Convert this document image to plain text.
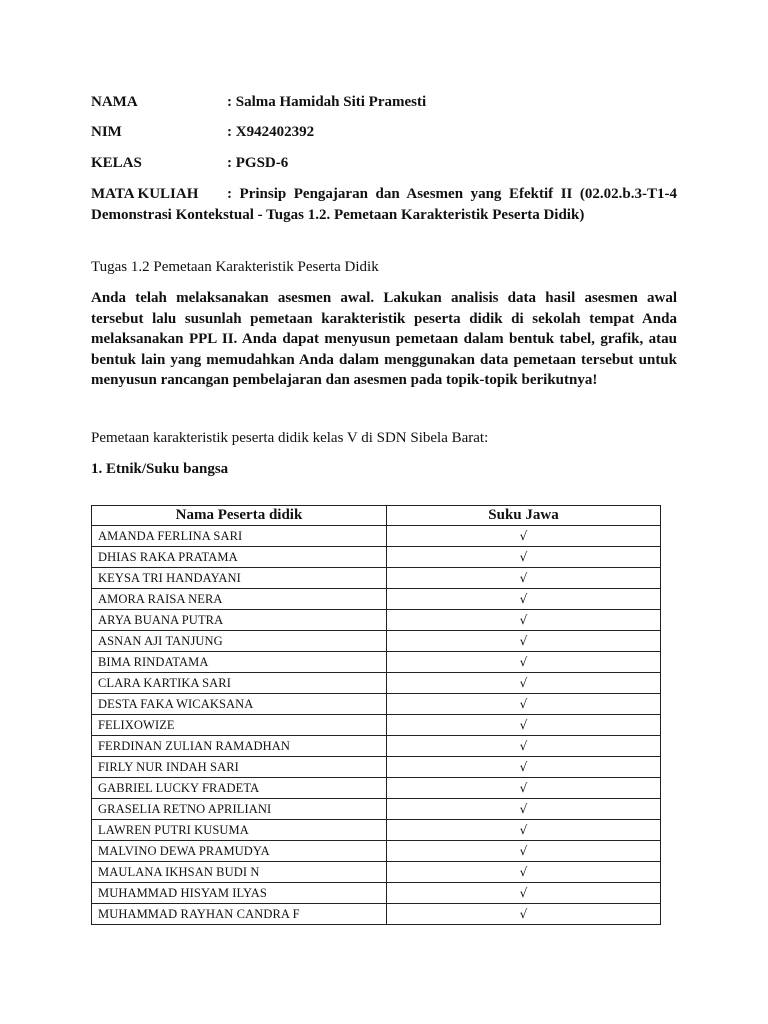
NAMA	: Salma Hamidah Siti Pramesti
NIM	: X942402392
KELAS	: PGSD-6
MATA KULIAH : Prinsip Pengajaran dan Asesmen yang Efektif II (02.02.b.3-T1-4 Demonstrasi Kontekstual - Tugas 1.2. Pemetaan Karakteristik Peserta Didik)
Tugas 1.2 Pemetaan Karakteristik Peserta Didik
Anda telah melaksanakan asesmen awal. Lakukan analisis data hasil asesmen awal tersebut lalu susunlah pemetaan karakteristik peserta didik di sekolah tempat Anda melaksanakan PPL II. Anda dapat menyusun pemetaan dalam bentuk tabel, grafik, atau bentuk lain yang memudahkan Anda dalam menggunakan data pemetaan tersebut untuk menyusun rancangan pembelajaran dan asesmen pada topik-topik berikutnya!
Pemetaan karakteristik peserta didik kelas V di SDN Sibela Barat:
1. Etnik/Suku bangsa
Nama Peserta didik	Suku Jawa
AMANDA FERLINA SARI	√
DHIAS RAKA PRATAMA	√
KEYSA TRI HANDAYANI	√
AMORA RAISA NERA	√
ARYA BUANA PUTRA	√
ASNAN AJI TANJUNG	√
BIMA RINDATAMA	√
CLARA KARTIKA SARI	√
DESTA FAKA WICAKSANA	√
FELIXOWIZE	√
FERDINAN ZULIAN RAMADHAN	√
FIRLY NUR INDAH SARI	√
GABRIEL LUCKY FRADETA	√
GRASELIA RETNO APRILIANI	√
LAWREN PUTRI KUSUMA	√
MALVINO DEWA PRAMUDYA	√
MAULANA IKHSAN BUDI N	√
MUHAMMAD HISYAM ILYAS	√
MUHAMMAD RAYHAN CANDRA F	√
